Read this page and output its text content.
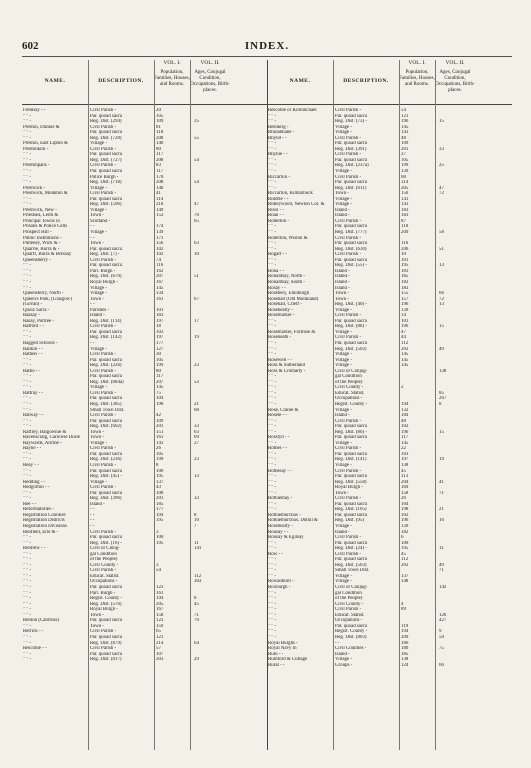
602	INDEX.
VOL. I.	VOL. II.
NAME.	DESCRIPTION.
Population, Families, Houses, and Rooms.
Ages, Conjugal Condition, Occupations, Birth-places.
Fremsay - -	Civil Parish -	20
" " -	Par. quoad sacra	105
" " -	Reg. Dist. (294)	109	25
Preston, Dunkie &	Civil Parish -	81
" " -	Par. quoad sacra	118
" " -	Reg. Dist. (728)	208	55
Preston, East Lipton &	Village -	146
Prestonkirk -	Civil Parish -	80
" " -	Par. quoad sacra	117
" " -	Reg. Dist. (727)	208	54
Prestonpans -	Civil Parish -	83
" " -	Par. quoad sacra	117
" " -	Police Burgh -	170
" " -	Reg. Dist. (718)	208	54
Prestwick -	Village -	140
Prestwick, Monkton &	Civil Parish -	41
" " -	Par. quoad sacra	114
" " -	Reg. Dist. (596)	216	47
Prestwick, New -	Village -	149
Priestsea, Leith &	Town -	153	70
Principal Towns in	Scotland -	65
Prisons & Police Cells	- -	174
Prospect Hill -	Village -	139
Public Institutions -	- -	171
Pulteney, Wick & -	Town -	156	63
Quarrie, Burra & -	Par. quoad sacra	102
Quarff, Burra & Bressay	Reg. Dist. (7) -	192	10
Queensberry -	Civil Parish -	74
" " -	Par. quoad sacra	116
" " -	Parl. Burgh -	162
" " -	Reg. Dist. (670)	207	51
" " -	Royal Burgh -	167
" " -	Village -	145
Queensferry, North -	Village -	134
Queen's Park, (Glasgow)	Town -	161	67
(Govan) -	- -
Quoiz Sarra -	Parishes -	101
Raasay -	Island -	183
Rasay, Portree -	Reg. Dist. (114)	197	17
Rafford - -	Civil Parish -	18
" " -	Par. quoad sacra	103
" " -	Reg. Dist. (142)	197	19
Ragged Schools -	- -	177
Rankin - -	Village -	127
Rathen - -	Civil Parish -	30
" " -	Par. quoad sacra	105
" " -	Reg. Dist. (226)	199	23
Ratho - -	Civil Parish -	80
" " -	Par. quoad sacra	117
" " -	Reg. Dist. (684a)	207	53
" " -	Village -	145
Rattray - -	Civil Parish -	75
" " -	Par. quoad sacra	104
" " -	Reg. Dist. (385)	198	21
" " -	Small Town Dist.	68
Ratway - -	Civil Parish -	42
" " -	Par. quoad sacra	109
" " -	Reg. Dist. (602)	201	33
Raffrey, Balgownie &	Town -	151	63
Ravenscraig, Carlowie Durie	Town -	161	69
Raywards, Airdrie -	Village -	141	27
Rayne - -	Civil Parish -	26
" " -	Par. quoad sacra	105
" " -	Reg. Dist. (236)	199	23
Reay - -	Civil Parish -	8
" " -	Par. quoad sacra	100
" " -	Reg. Dist. (45) -	195	13
Redding - -	Village -	137
Redgorton - -	Civil Parish -	43
" " -	Par. quoad sacra	108
" " -	Reg. Dist. (396)	201	33
Ree - -	Island -	185
Reformatories -	- -	177
Registration Counties	- -	194	8
Registration Districts	- -	195	10
Registration Divisions	- -	7
Renfield, Erie & -	Civil Parish -	3
" " -	Par. quoad sacra	100
" " -	Reg. Dist. (16) -	195	11
Renfrew - -	Civil or Cniog-	141
" " -	gal Condition
" " -	of the People)
" " -	Civil County -	3
" " -	Civil Parish -	54
" " -	Educat. Statist.	112
" " -	Occupations -	303
" " -	Par. quoad sacra	123
" " -	Parl. Burgh -	161
" " -	Regist. County -	194	8
" " -	Reg. Dist. (576)	205	45
" " -	Royal Burgh -	167
" " -	Town -	158	71
Renton (Cardross)	Par. quoad sacra	123	70
" " -	Town -	159
Rerrick - -	Civil Parish -	65
" " -	Par. quoad sacra	121
" " -	Reg. Dist. (879)	214	64
Rescobie - -	Civil Parish -	57
" " -	Par. quoad sacra	107
" " -	Reg. Dist. (817)	203	29
VOL. I.	VOL. II.
NAME.	DESCRIPTION.
Population, Families, Houses, and Rooms.
Ages, Conjugal Condition, Occupations, Birth-places.
Rescobie or Kilminchael	Civil Parish -	54
" " -	Par. quoad sacra	121
" " -	Reg. Dist. (73) -	196	15
Reshkrig -	Village -	145
Rhinabhane -	Village -	143
Rhynd - -	Civil Parish -	48
" " -	Par. quoad sacra	109
" " -	Reg. Dist. (391)	201	33
Rhynie - -	Civil Parish -	27
" " -	Par. quoad sacra	105
" " -	Reg. Dist. (237a)	199	25
" " -	Village -	139
Riccarton -	Civil Parish -	68
" " -	Par. quoad sacra	114
" " -	Reg. Dist. (611)	205	47
Riccarton, Kilmarnock	Town -	150	72
Riddrie - -	Village -	141
Ridleywood, Newton Col. &	Village -	143
Risol - -	Island -	183
Roan - -	Island -	183
Roberton -	Civil Parish -	87
" " -	Par. quoad sacra	118
" " -	Reg. Dist. (777)	209	58
Roberton, Wiston &	Civil Parish -
" " -	Par. quoad sacra	116
" " -	Reg. Dist. (630)	206	51
Rogart - -	Civil Parish -	10
" " -	Par. quoad sacra	101
" " -	Reg. Dist. (55) -	195	13
Rona - -	Island -	183
Ronaldsay, North -	Island -	185
Ronaldsay, South -	Island -	182
Rosay - -	Island -	183
Rosebery, Edinburgh	Town -	155	66
Rosehall (Old Monkland)	Town -	157	72
Rosehall, Crieff -	Reg. Dist. (40) -	196	13
Rosehearty -	Village -	139
Rosemarkie -	Civil Parish -	14
" " -	Par. quoad sacra	101
" " -	Reg. Dist. (88) -	196	15
Rosemarkie, Fortrose &	Village -	47
Roseneath -	Civil Parish -	44
" " -	Par. quoad sacra	112
" " -	Reg. Dist. (502)	203	40
" " -	Village -	145
Rosewell - -	Village -	145
Ross & Sutherland	Village -	145
Ross & Cromarty -	Civil or Conjug-	138
" " -	gal Condition
" " -	of the People)
" " -	Civil County -	2
" " -	Educat. Statist.	85
" " -	Occupations -	267
" " -	Regist. County -	194	8
Rose, Cranie &	Village -	132
Rosele - -	Island -	184
" " -	Civil Parish -	48
" " -	Par. quoad sacra	102
" " -	Reg. Dist. (80) -	196	15
Rosslyn - -	Par. quoad sacra	117
" " -	Village -	145
Rothes - -	Civil Parish -	22
" " -	Par. quoad sacra	103
" " -	Reg. Dist. (141)	197	19
" " -	Village -	138
Rothesay - -	Civil Parish -	45
" " -	Par. quoad sacra	113
" " -	Reg. Dist. (558)	204	41
" " -	Royal Burgh -	169
" " -	Town -	158	71
Rothiemay -	Civil Parish -	26
" " -	Par. quoad sacra	104
" " -	Reg. Dist. (165)	198	21
Rothiemurchus -	Par. quoad sacra	102
Rothiemurchus, Duthil &	Reg. Dist. (95)	196	16
Rosehearty -	Village -	139
Rousay - -	Island -	182
Rousay & Egilsay	Civil Parish -	6
" " -	Par. quoad sacra	100
" " -	Reg. Dist. (24) -	195	11
Row - -	Civil Parish -	45
" " -	Par. quoad sacra	112
" " -	Reg. Dist. (503)	203	40
" " -	Small Town Dist.	71
" " -	Village -	137
Rowanburn -	Village -	148
Roxburgh -	Civil or Conjug-	142
" " -	gal Condition
" " -	of the People)
" " -	Civil County -	4
" " -	Civil Parish -	89
" " -	Educat. Statist.	126
" " -	Occupations -	427
" " -	Par. quoad sacra	119
" " -	Regist. County -	194	9
" " -	Reg. Dist. (803)	209	59
Royal Burghs -	- -	166
Royal Navy in	Civil Counties -	189	75
Ruin - -	Island -	185
Rumford & Cutlage	Village -	138
Rural - -	Groups -	124	66
